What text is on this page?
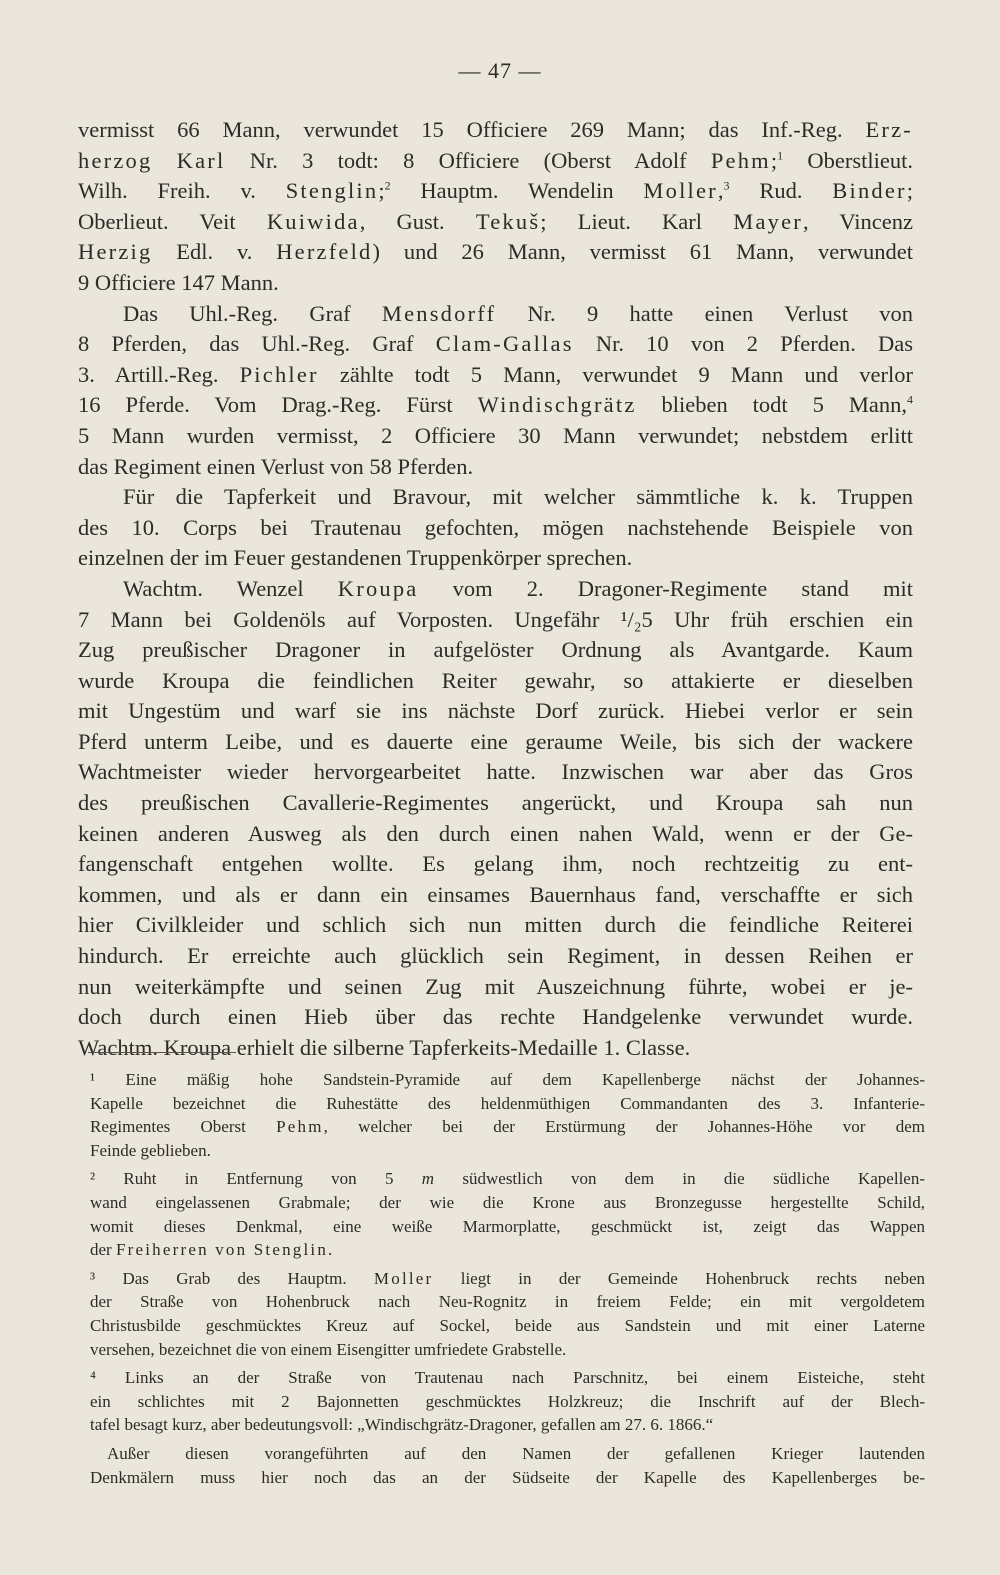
— 47 —
vermisst 66 Mann, verwundet 15 Officiere 269 Mann; das Inf.-Reg. Erz-
herzog Karl Nr. 3 todt: 8 Officiere (Oberst Adolf Pehm;$^1$ Oberstlieut.
Wilh. Freih. v. Stenglin;$^2$ Hauptm. Wendelin Moller,$^3$ Rud. Binder;
Oberlieut. Veit Kuiwida, Gust. Tekuš; Lieut. Karl Mayer, Vincenz
Herzig Edl. v. Herzfeld) und 26 Mann, vermisst 61 Mann, verwundet
9 Officiere 147 Mann.
  Das Uhl.-Reg. Graf Mensdorff Nr. 9 hatte einen Verlust von
8 Pferden, das Uhl.-Reg. Graf Clam-Gallas Nr. 10 von 2 Pferden. Das
3. Artill.-Reg. Pichler zählte todt 5 Mann, verwundet 9 Mann und verlor
16 Pferde. Vom Drag.-Reg. Fürst Windischgrätz blieben todt 5 Mann,$^4$
5 Mann wurden vermisst, 2 Officiere 30 Mann verwundet; nebstdem erlitt
das Regiment einen Verlust von 58 Pferden.
  Für die Tapferkeit und Bravour, mit welcher sämmtliche k. k. Truppen
des 10. Corps bei Trautenau gefochten, mögen nachstehende Beispiele von
einzelnen der im Feuer gestandenen Truppenkörper sprechen.
  Wachtm. Wenzel Kroupa vom 2. Dragoner-Regimente stand mit
7 Mann bei Goldenöls auf Vorposten. Ungefähr ¹/₂5 Uhr früh erschien ein
Zug preußischer Dragoner in aufgelöster Ordnung als Avantgarde. Kaum
wurde Kroupa die feindlichen Reiter gewahr, so attakierte er dieselben
mit Ungestüm und warf sie ins nächste Dorf zurück. Hiebei verlor er sein
Pferd unterm Leibe, und es dauerte eine geraume Weile, bis sich der wackere
Wachtmeister wieder hervorgearbeitet hatte. Inzwischen war aber das Gros
des preußischen Cavallerie-Regimentes angerückt, und Kroupa sah nun
keinen anderen Ausweg als den durch einen nahen Wald, wenn er der Ge-
fangenschaft entgehen wollte. Es gelang ihm, noch rechtzeitig zu ent-
kommen, und als er dann ein einsames Bauernhaus fand, verschaffte er sich
hier Civilkleider und schlich sich nun mitten durch die feindliche Reiterei
hindurch. Er erreichte auch glücklich sein Regiment, in dessen Reihen er
nun weiterkämpfte und seinen Zug mit Auszeichnung führte, wobei er je-
doch durch einen Hieb über das rechte Handgelenke verwundet wurde.
Wachtm. Kroupa erhielt die silberne Tapferkeits-Medaille 1. Classe.
¹ Eine mäßig hohe Sandstein-Pyramide auf dem Kapellenberge nächst der Johannes-
Kapelle bezeichnet die Ruhestätte des heldenmüthigen Commandanten des 3. Infanterie-
Regimentes Oberst Pehm, welcher bei der Erstürmung der Johannes-Höhe vor dem
Feinde geblieben.
² Ruht in Entfernung von 5 m südwestlich von dem in die südliche Kapellen-
wand eingelassenen Grabmale; der wie die Krone aus Bronzegusse hergestellte Schild,
womit dieses Denkmal, eine weiße Marmorplatte, geschmückt ist, zeigt das Wappen
der Freiherren von Stenglin.
³ Das Grab des Hauptm. Moller liegt in der Gemeinde Hohenbruck rechts neben
der Straße von Hohenbruck nach Neu-Rognitz in freiem Felde; ein mit vergoldetem
Christusbilde geschmücktes Kreuz auf Sockel, beide aus Sandstein und mit einer Laterne
versehen, bezeichnet die von einem Eisengitter umfriedete Grabstelle.
⁴ Links an der Straße von Trautenau nach Parschnitz, bei einem Eisteiche, steht
ein schlichtes mit 2 Bajonnetten geschmücktes Holzkreuz; die Inschrift auf der Blech-
tafel besagt kurz, aber bedeutungsvoll: „Windischgrätz-Dragoner, gefallen am 27. 6. 1866.“
 Außer diesen vorangeführten auf den Namen der gefallenen Krieger lautenden
Denkmälern muss hier noch das an der Südseite der Kapelle des Kapellenberges be-
